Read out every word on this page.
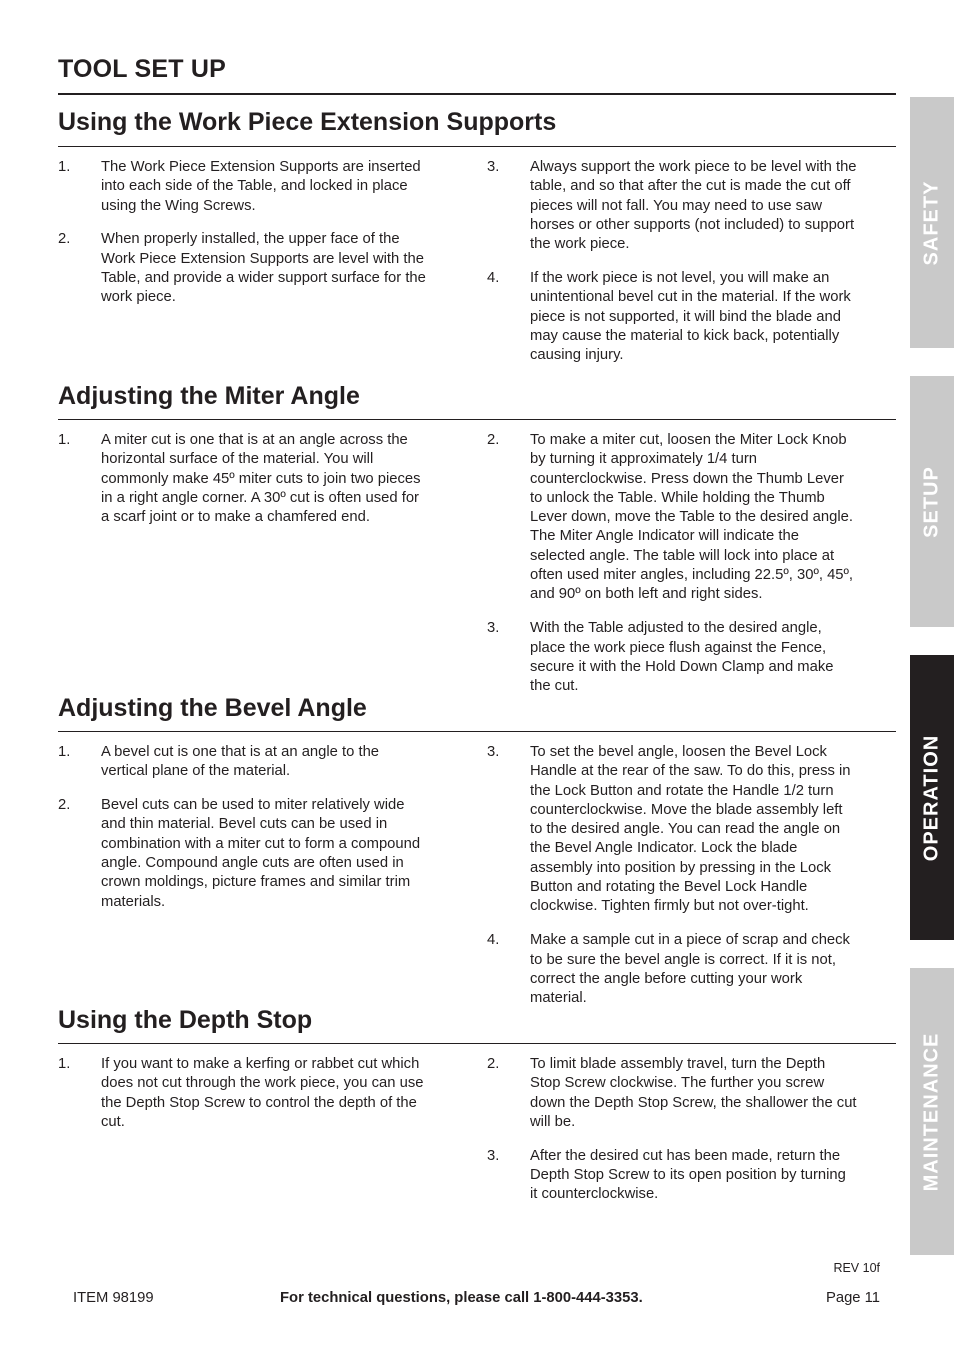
TOOL SET UP
Using the Work Piece Extension Supports
1. The Work Piece Extension Supports are inserted into each side of the Table, and locked in place using the Wing Screws.
2. When properly installed, the upper face of the Work Piece Extension Supports are level with the Table, and provide a wider support surface for the work piece.
3. Always support the work piece to be level with the table, and so that after the cut is made the cut off pieces will not fall. You may need to use saw horses or other supports (not included) to support the work piece.
4. If the work piece is not level, you will make an unintentional bevel cut in the material. If the work piece is not supported, it will bind the blade and may cause the material to kick back, potentially causing injury.
Adjusting the Miter Angle
1. A miter cut is one that is at an angle across the horizontal surface of the material. You will commonly make 45º miter cuts to join two pieces in a right angle corner. A 30º cut is often used for a scarf joint or to make a chamfered end.
2. To make a miter cut, loosen the Miter Lock Knob by turning it approximately 1/4 turn counterclockwise. Press down the Thumb Lever to unlock the Table. While holding the Thumb Lever down, move the Table to the desired angle. The Miter Angle Indicator will indicate the selected angle. The table will lock into place at often used miter angles, including 22.5º, 30º, 45º, and 90º on both left and right sides.
3. With the Table adjusted to the desired angle, place the work piece flush against the Fence, secure it with the Hold Down Clamp and make the cut.
Adjusting the Bevel Angle
1. A bevel cut is one that is at an angle to the vertical plane of the material.
2. Bevel cuts can be used to miter relatively wide and thin material. Bevel cuts can be used in combination with a miter cut to form a compound angle. Compound angle cuts are often used in crown moldings, picture frames and similar trim materials.
3. To set the bevel angle, loosen the Bevel Lock Handle at the rear of the saw. To do this, press in the Lock Button and rotate the Handle 1/2 turn counterclockwise. Move the blade assembly left to the desired angle. You can read the angle on the Bevel Angle Indicator. Lock the blade assembly into position by pressing in the Lock Button and rotating the Bevel Lock Handle clockwise. Tighten firmly but not over-tight.
4. Make a sample cut in a piece of scrap and check to be sure the bevel angle is correct. If it is not, correct the angle before cutting your work material.
Using the Depth Stop
1. If you want to make a kerfing or rabbet cut which does not cut through the work piece, you can use the Depth Stop Screw to control the depth of the cut.
2. To limit blade assembly travel, turn the Depth Stop Screw clockwise. The further you screw down the Depth Stop Screw, the shallower the cut will be.
3. After the desired cut has been made, return the Depth Stop Screw to its open position by turning it counterclockwise.
SAFETY
SETUP
OPERATION
MAINTENANCE
REV 10f
ITEM 98199	For technical questions, please call 1-800-444-3353.	Page 11
